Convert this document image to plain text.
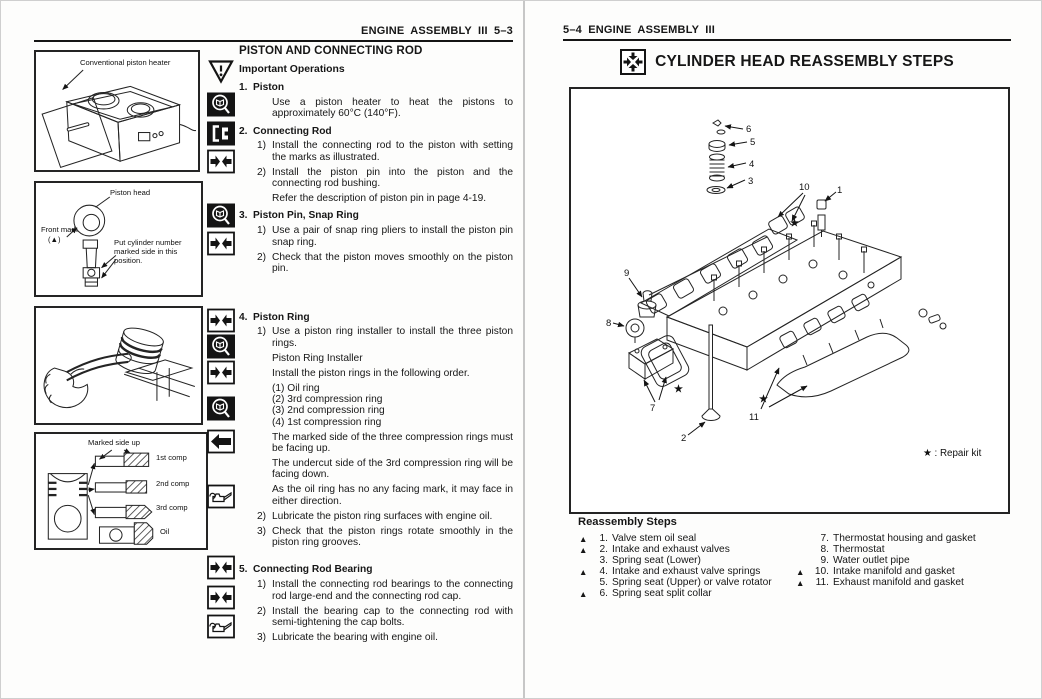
ENGINE ASSEMBLY III 5–3
Conventional piston heater
Piston head
Front mark
(▲)	Put cylinder number marked side in this position.
Marked side up
1st comp
2nd comp
3rd comp
Oil
PISTON AND CONNECTING ROD
Important Operations
1. Piston
Use a piston heater to heat the pistons to approximately 60°C (140°F).
2. Connecting Rod
1) Install the connecting rod to the piston with setting the marks as illustrated.
2) Install the piston pin into the piston and the connecting rod bushing.
Refer the description of piston pin in page 4-19.
3. Piston Pin, Snap Ring
1) Use a pair of snap ring pliers to install the piston pin snap ring.
2) Check that the piston moves smoothly on the piston pin.
4. Piston Ring
1) Use a piston ring installer to install the three piston rings.
Piston Ring Installer
Install the piston rings in the following order.
(1) Oil ring
(2) 3rd compression ring
(3) 2nd compression ring
(4) 1st compression ring
The marked side of the three compression rings must be facing up.
The undercut side of the 3rd compression ring will be facing down.
As the oil ring has no any facing mark, it may face in either direction.
2) Lubricate the piston ring surfaces with engine oil.
3) Check that the piston rings rotate smoothly in the piston ring grooves.
5. Connecting Rod Bearing
1) Install the connecting rod bearings to the connecting rod large-end and the connecting rod cap.
2) Install the bearing cap to the connecting rod with semi-tightening the cap bolts.
3) Lubricate the bearing with engine oil.
5–4 ENGINE ASSEMBLY III
CYLINDER HEAD REASSEMBLY STEPS
6
5
4
3
1
10
★
9
8
7
★
2
11
★
★ : Repair kit
Reassembly Steps
▲	1. Valve stem oil seal
▲	2. Intake and exhaust valves
3. Spring seat (Lower)
▲	4. Intake and exhaust valve springs
5. Spring seat (Upper) or valve rotator
▲	6. Spring seat split collar
7. Thermostat housing and gasket
8. Thermostat
9. Water outlet pipe
▲	10. Intake manifold and gasket
▲	11. Exhaust manifold and gasket
